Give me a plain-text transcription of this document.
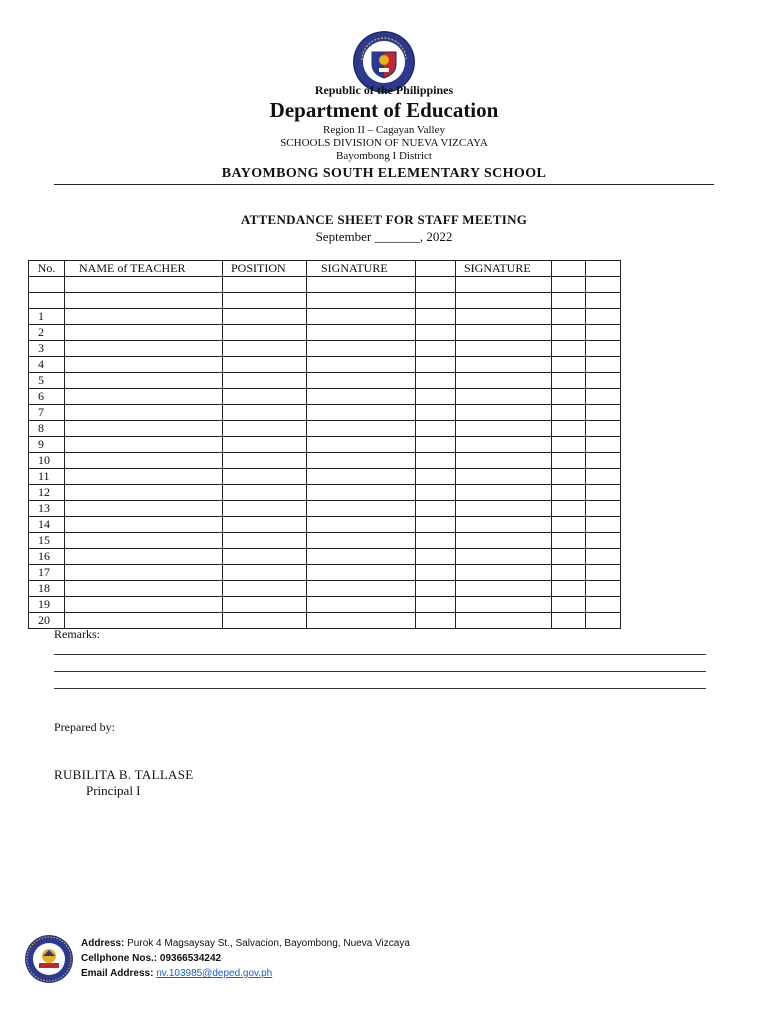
Republic of the Philippines
Department of Education
Region II – Cagayan Valley
SCHOOLS DIVISION OF NUEVA VIZCAYA
Bayombong I District
BAYOMBONG SOUTH ELEMENTARY SCHOOL
ATTENDANCE SHEET FOR STAFF MEETING
September _______, 2022
No.	NAME of TEACHER	POSITION	SIGNATURE		SIGNATURE		

1							
2							
3							
4							
5							
6							
7							
8							
9							
10							
11							
12							
13							
14							
15							
16							
17							
18							
19							
20							
Remarks:
Prepared by:
RUBILITA B. TALLASE
Principal I
Address: Purok 4 Magsaysay St., Salvacion, Bayombong, Nueva Vizcaya
Cellphone Nos.: 09366534242
Email Address: nv.103985@deped.gov.ph
